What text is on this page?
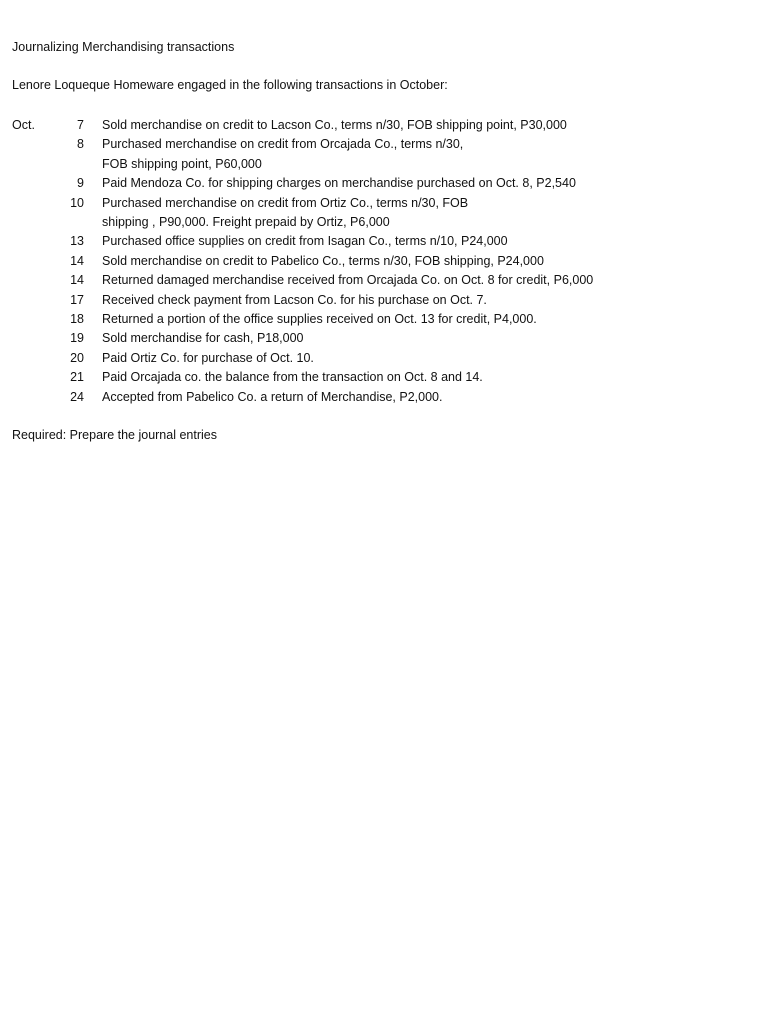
Journalizing Merchandising transactions
Lenore Loqueque Homeware engaged in the following transactions in October:
Oct.	7 Sold merchandise on credit to Lacson Co., terms n/30, FOB shipping point, P30,000
8 Purchased merchandise on credit from Orcajada Co., terms n/30,
FOB shipping point, P60,000
9 Paid Mendoza Co. for shipping charges on merchandise purchased on Oct. 8, P2,540
10 Purchased merchandise on credit from Ortiz Co., terms n/30, FOB
shipping , P90,000. Freight prepaid by Ortiz, P6,000
13 Purchased office supplies on credit from Isagan Co., terms n/10, P24,000
14 Sold merchandise on credit to Pabelico Co., terms n/30, FOB shipping, P24,000
14 Returned damaged merchandise received from Orcajada Co. on Oct. 8 for credit, P6,000
17 Received check payment from Lacson Co. for his purchase on Oct. 7.
18 Returned a portion of the office supplies received on Oct. 13 for credit, P4,000.
19 Sold merchandise for cash, P18,000
20 Paid Ortiz Co. for purchase of Oct. 10.
21 Paid Orcajada co. the balance from the transaction on Oct. 8 and 14.
24 Accepted from Pabelico Co. a return of Merchandise, P2,000.
Required: Prepare the journal entries
